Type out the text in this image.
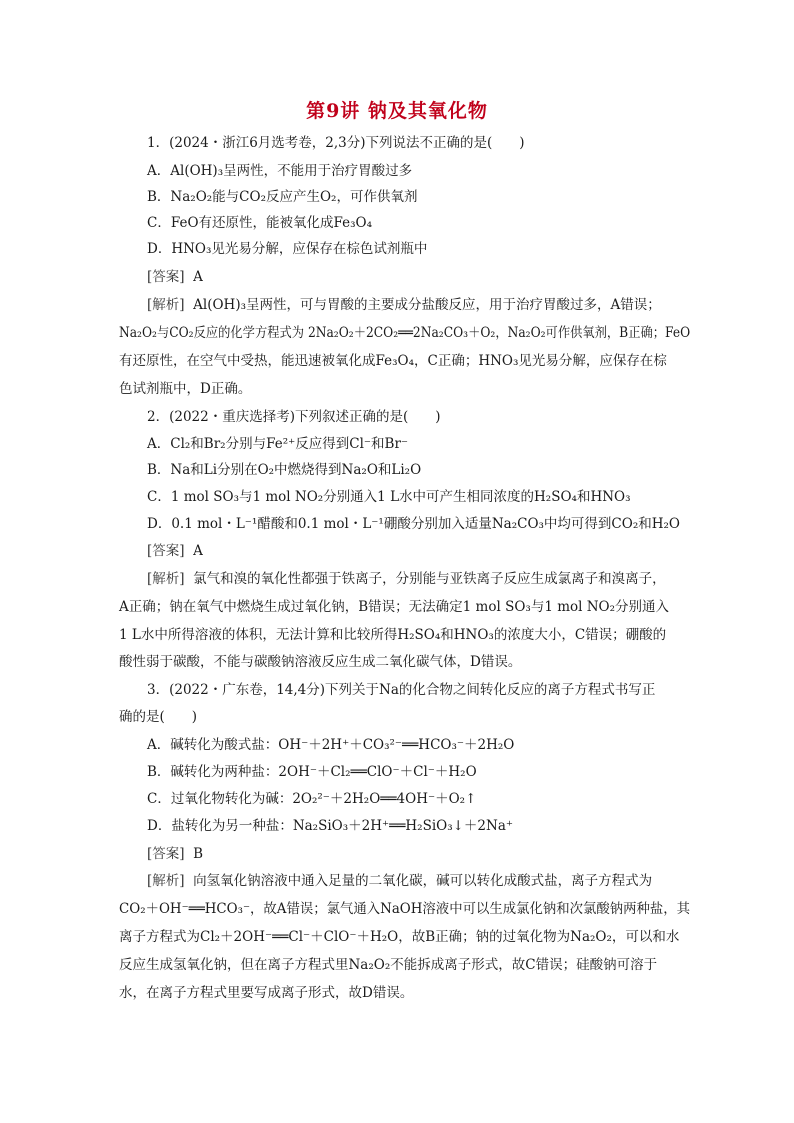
第9讲 钠及其氧化物
1．(2024・浙江6月选考卷，2,3分)下列说法不正确的是(　　)
A．Al(OH)₃呈两性，不能用于治疗胃酸过多
B．Na₂O₂能与CO₂反应产生O₂，可作供氧剂
C．FeO有还原性，能被氧化成Fe₃O₄
D．HNO₃见光易分解，应保存在棕色试剂瓶中
[答案] A
[解析] Al(OH)₃呈两性，可与胃酸的主要成分盐酸反应，用于治疗胃酸过多，A错误；
Na₂O₂与CO₂反应的化学方程式为 2Na₂O₂＋2CO₂══2Na₂CO₃＋O₂，Na₂O₂可作供氧剂，B正确；FeO
有还原性，在空气中受热，能迅速被氧化成Fe₃O₄，C正确；HNO₃见光易分解，应保存在棕
色试剂瓶中，D正确。
2．(2022・重庆选择考)下列叙述正确的是(　　)
A．Cl₂和Br₂分别与Fe²⁺反应得到Cl⁻和Br⁻
B．Na和Li分别在O₂中燃烧得到Na₂O和Li₂O
C．1 mol SO₃与1 mol NO₂分别通入1 L水中可产生相同浓度的H₂SO₄和HNO₃
D．0.1 mol・L⁻¹醋酸和0.1 mol・L⁻¹硼酸分别加入适量Na₂CO₃中均可得到CO₂和H₂O
[答案] A
[解析] 氯气和溴的氧化性都强于铁离子，分别能与亚铁离子反应生成氯离子和溴离子，
A正确；钠在氧气中燃烧生成过氧化钠，B错误；无法确定1 mol SO₃与1 mol NO₂分别通入
1 L水中所得溶液的体积，无法计算和比较所得H₂SO₄和HNO₃的浓度大小，C错误；硼酸的
酸性弱于碳酸，不能与碳酸钠溶液反应生成二氧化碳气体，D错误。
3．(2022・广东卷，14,4分)下列关于Na的化合物之间转化反应的离子方程式书写正
确的是(　　)
A．碱转化为酸式盐：OH⁻＋2H⁺＋CO₃²⁻══HCO₃⁻＋2H₂O
B．碱转化为两种盐：2OH⁻＋Cl₂══ClO⁻＋Cl⁻＋H₂O
C．过氧化物转化为碱：2O₂²⁻＋2H₂O══4OH⁻＋O₂↑
D．盐转化为另一种盐：Na₂SiO₃＋2H⁺══H₂SiO₃↓＋2Na⁺
[答案] B
[解析] 向氢氧化钠溶液中通入足量的二氧化碳，碱可以转化成酸式盐，离子方程式为
CO₂＋OH⁻══HCO₃⁻，故A错误；氯气通入NaOH溶液中可以生成氯化钠和次氯酸钠两种盐，其
离子方程式为Cl₂＋2OH⁻══Cl⁻＋ClO⁻＋H₂O，故B正确；钠的过氧化物为Na₂O₂，可以和水
反应生成氢氧化钠，但在离子方程式里Na₂O₂不能拆成离子形式，故C错误；硅酸钠可溶于
水，在离子方程式里要写成离子形式，故D错误。
